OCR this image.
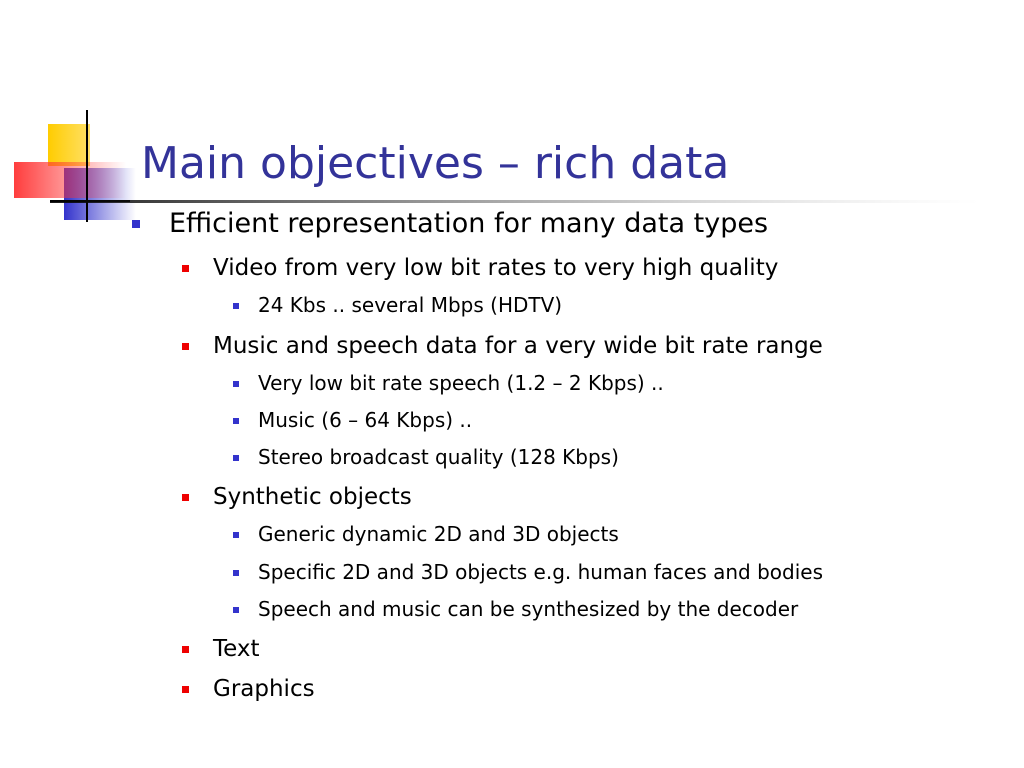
Main objectives – rich data
Efficient representation for many data types
Video from very low bit rates to very high quality
24 Kbs .. several Mbps (HDTV)
Music and speech data for a very wide bit rate range
Very low bit rate speech (1.2 – 2 Kbps) ..
Music (6 – 64 Kbps) ..
Stereo broadcast quality (128 Kbps)
Synthetic objects
Generic dynamic 2D and 3D objects
Specific 2D and 3D objects e.g. human faces and bodies
Speech and music can be synthesized by the decoder
Text
Graphics
